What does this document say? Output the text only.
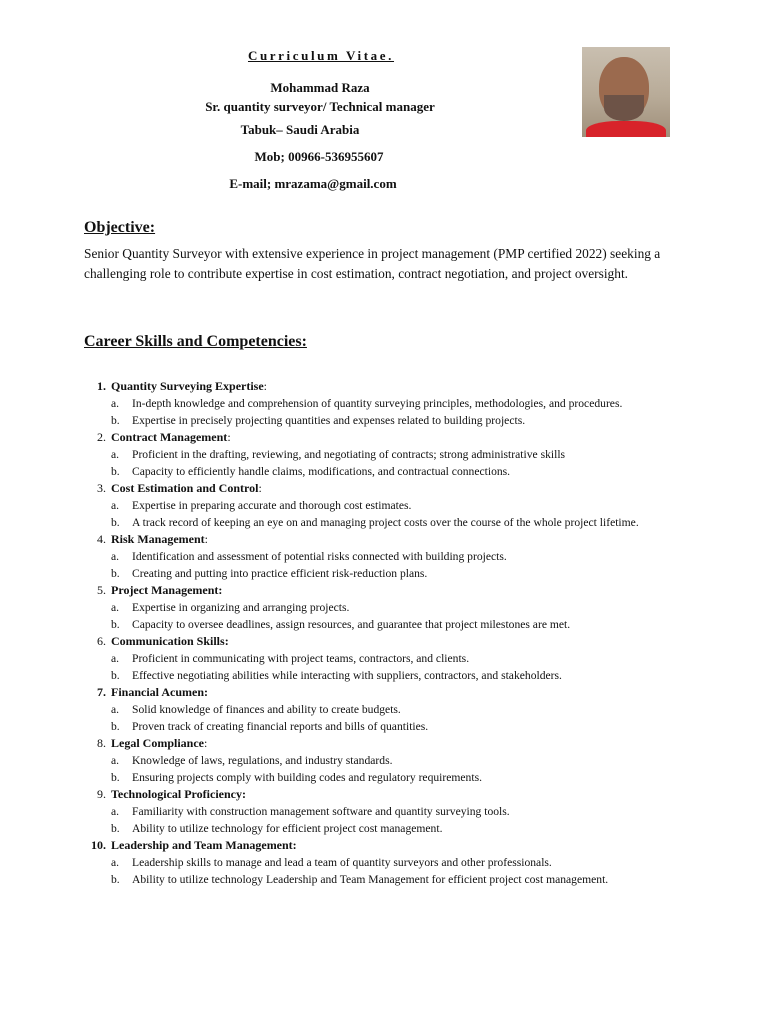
Curriculum Vitae.
Mohammad Raza
Sr. quantity surveyor/ Technical manager
Tabuk– Saudi Arabia
Mob; 00966-536955607
E-mail; mrazama@gmail.com
Objective:
Senior Quantity Surveyor with extensive experience in project management (PMP certified 2022) seeking a challenging role to contribute expertise in cost estimation, contract negotiation, and project oversight.
Career Skills and Competencies:
1. Quantity Surveying Expertise:
a.	In-depth knowledge and comprehension of quantity surveying principles, methodologies, and procedures.
b.	Expertise in precisely projecting quantities and expenses related to building projects.
2. Contract Management:
a.	Proficient in the drafting, reviewing, and negotiating of contracts; strong administrative skills
b.	Capacity to efficiently handle claims, modifications, and contractual connections.
3. Cost Estimation and Control:
a.	Expertise in preparing accurate and thorough cost estimates.
b.	A track record of keeping an eye on and managing project costs over the course of the whole project lifetime.
4. Risk Management:
a.	Identification and assessment of potential risks connected with building projects.
b.	Creating and putting into practice efficient risk-reduction plans.
5. Project Management:
a.	Expertise in organizing and arranging projects.
b.	Capacity to oversee deadlines, assign resources, and guarantee that project milestones are met.
6. Communication Skills:
a.	Proficient in communicating with project teams, contractors, and clients.
b.	Effective negotiating abilities while interacting with suppliers, contractors, and stakeholders.
7. Financial Acumen:
a.	Solid knowledge of finances and ability to create budgets.
b.	Proven track of creating financial reports and bills of quantities.
8. Legal Compliance:
a.	Knowledge of laws, regulations, and industry standards.
b.	Ensuring projects comply with building codes and regulatory requirements.
9. Technological Proficiency:
a.	Familiarity with construction management software and quantity surveying tools.
b.	Ability to utilize technology for efficient project cost management.
10. Leadership and Team Management:
a.	Leadership skills to manage and lead a team of quantity surveyors and other professionals.
b.	Ability to utilize technology Leadership and Team Management for efficient project cost management.
